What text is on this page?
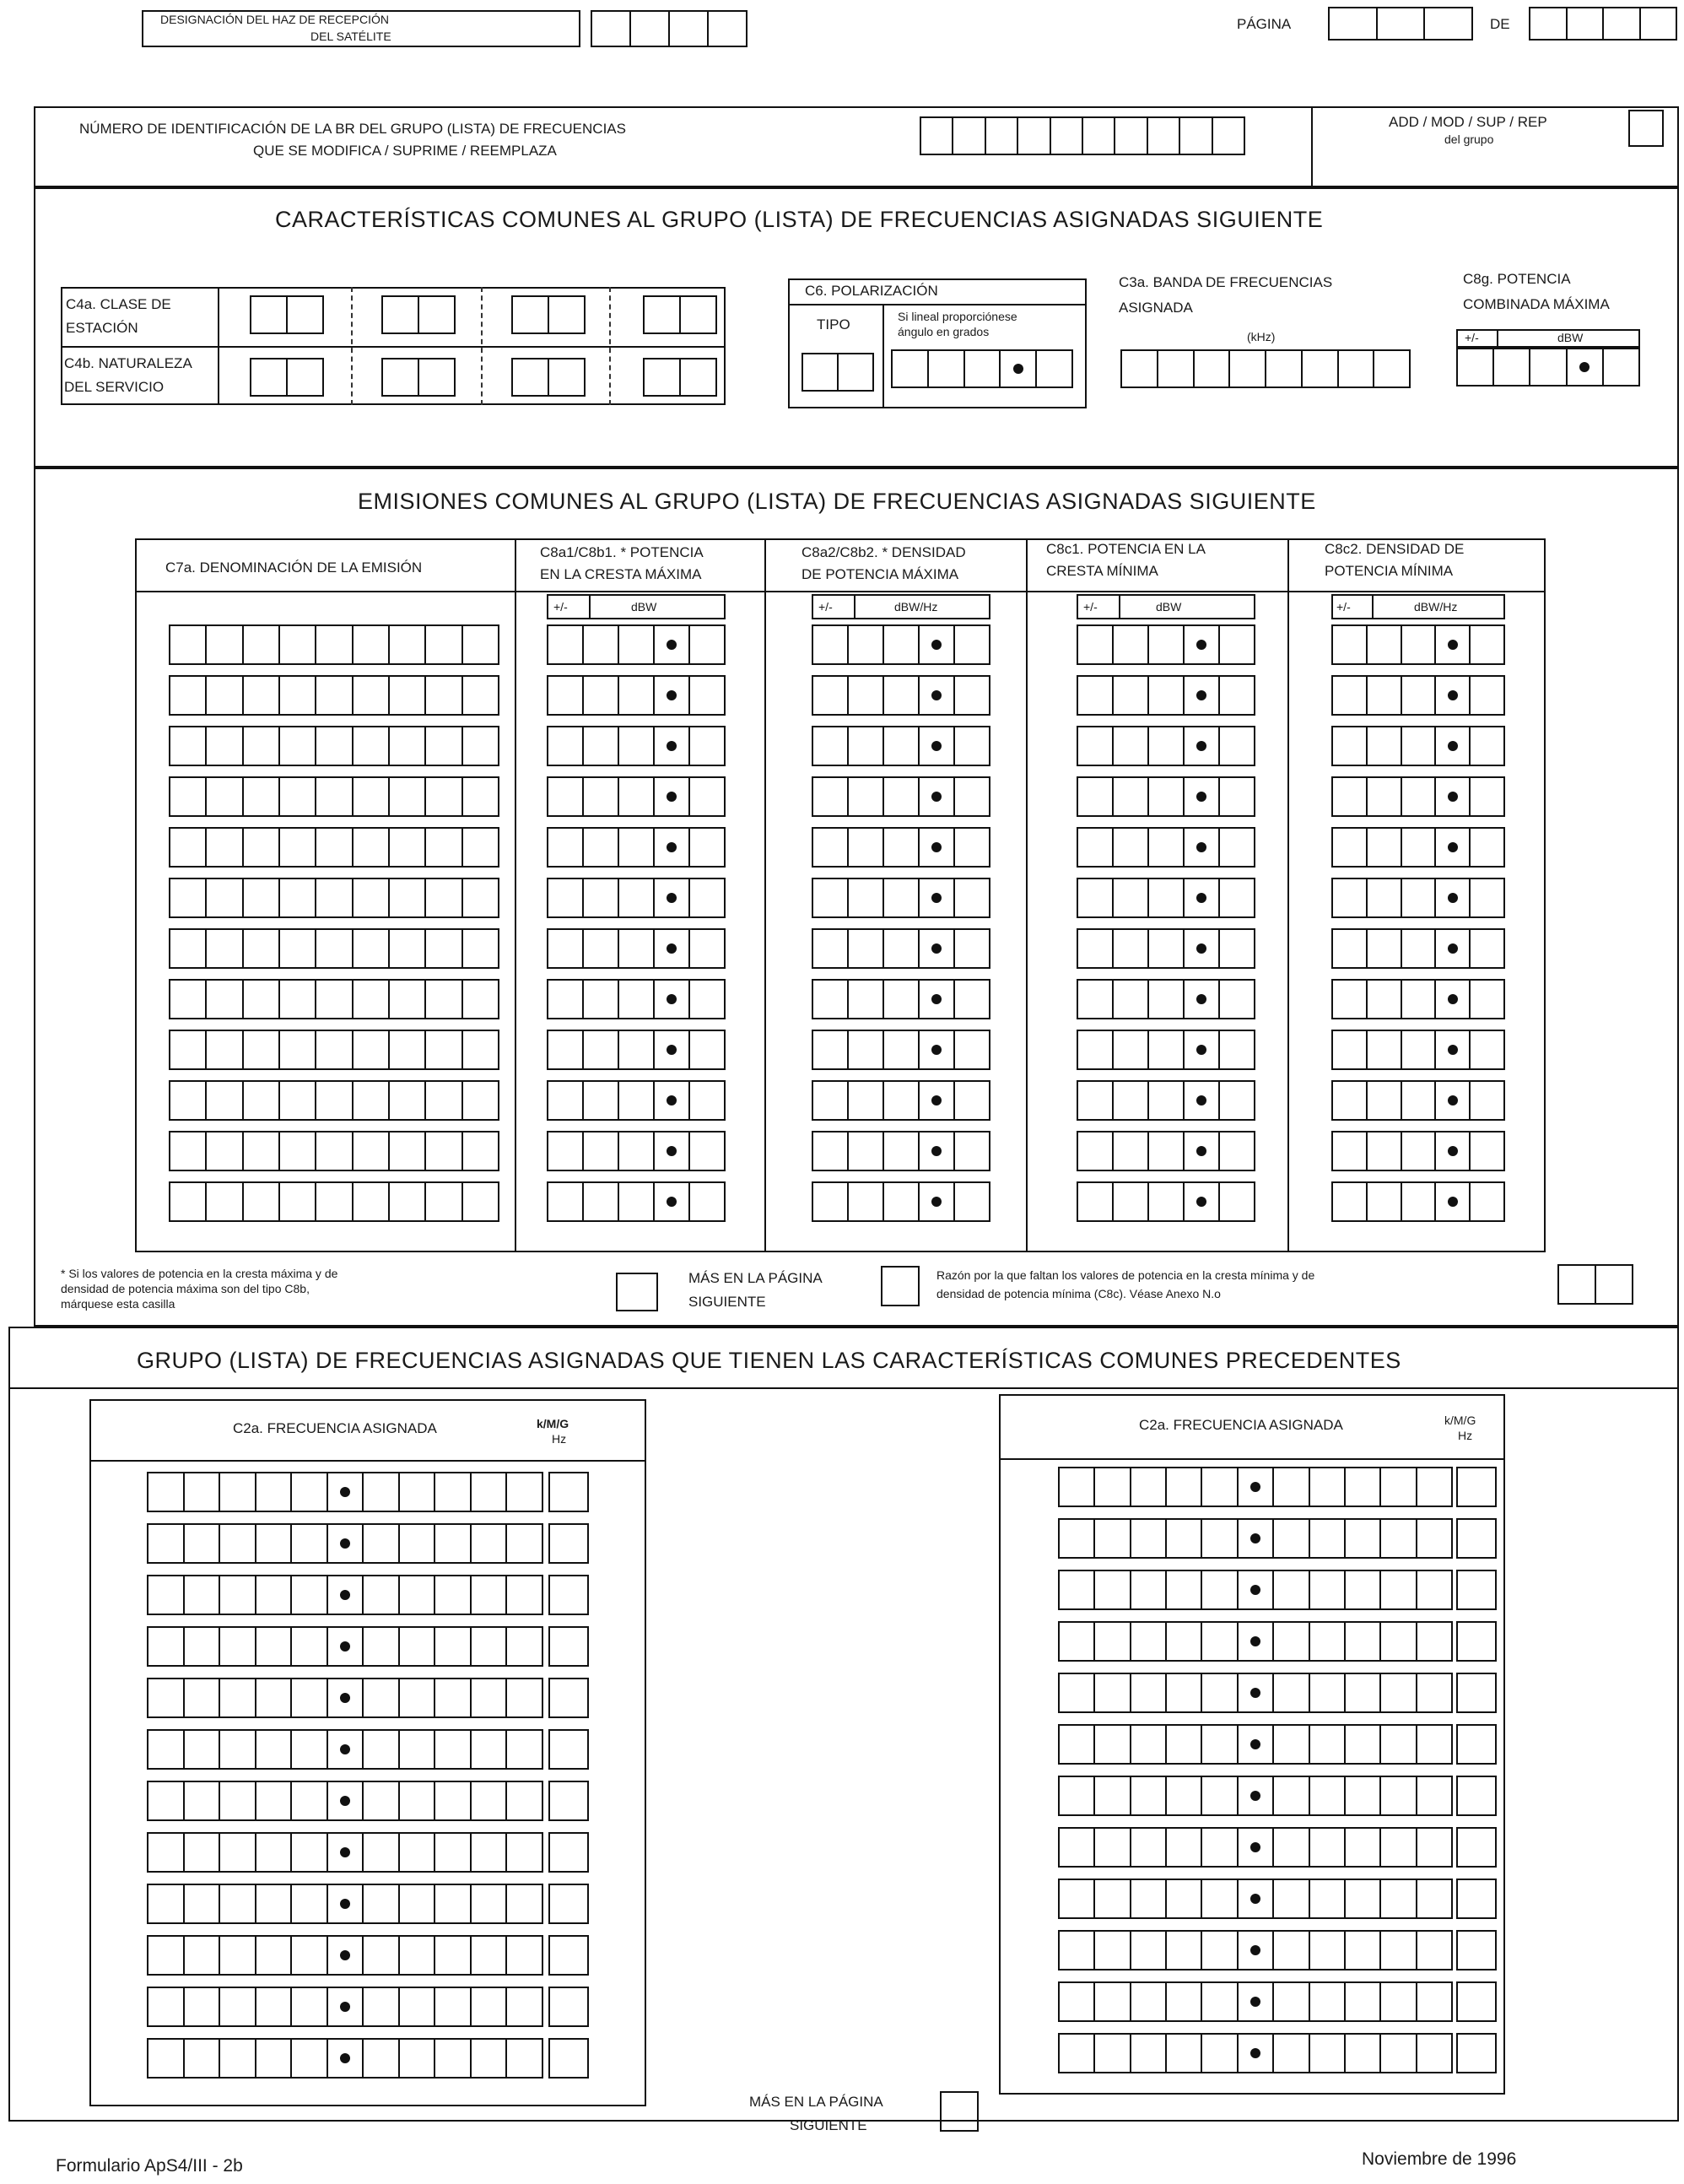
DESIGNACIÓN DEL HAZ DE RECEPCIÓN
DEL SATÉLITE
PÁGINA	DE
NÚMERO DE IDENTIFICACIÓN DE LA BR DEL GRUPO (LISTA) DE FRECUENCIAS
QUE SE MODIFICA / SUPRIME / REEMPLAZA
ADD / MOD / SUP / REP
del grupo
CARACTERÍSTICAS COMUNES AL GRUPO (LISTA) DE FRECUENCIAS ASIGNADAS SIGUIENTE
C4a. CLASE DE
ESTACIÓN
C4b. NATURALEZA
DEL SERVICIO
C6. POLARIZACIÓN
TIPO	Si lineal proporciónese
ángulo en grados
C3a. BANDA DE FRECUENCIAS
ASIGNADA
(kHz)
C8g. POTENCIA
COMBINADA MÁXIMA
+/-	dBW
EMISIONES COMUNES AL GRUPO (LISTA) DE FRECUENCIAS ASIGNADAS SIGUIENTE
C7a. DENOMINACIÓN DE LA EMISIÓN
C8a1/C8b1. * POTENCIA
EN LA CRESTA MÁXIMA
C8a2/C8b2. * DENSIDAD
DE POTENCIA MÁXIMA
C8c1. POTENCIA EN LA
CRESTA MÍNIMA
C8c2. DENSIDAD DE
POTENCIA MÍNIMA
+/-	dBW	+/-	dBW/Hz	+/-	dBW	+/-	dBW/Hz
* Si los valores de potencia en la cresta máxima y de
densidad de potencia máxima son del tipo C8b,
márquese esta casilla
MÁS EN LA PÁGINA
SIGUIENTE
Razón por la que faltan los valores de potencia en la cresta mínima y de
densidad de potencia mínima (C8c). Véase Anexo N.o
GRUPO (LISTA) DE FRECUENCIAS ASIGNADAS QUE TIENEN LAS CARACTERÍSTICAS COMUNES PRECEDENTES
C2a. FRECUENCIA ASIGNADA	k/M/G
Hz
C2a. FRECUENCIA ASIGNADA	k/M/G
Hz
MÁS EN LA PÁGINA
SIGUIENTE
Formulario ApS4/III - 2b	Noviembre de 1996
